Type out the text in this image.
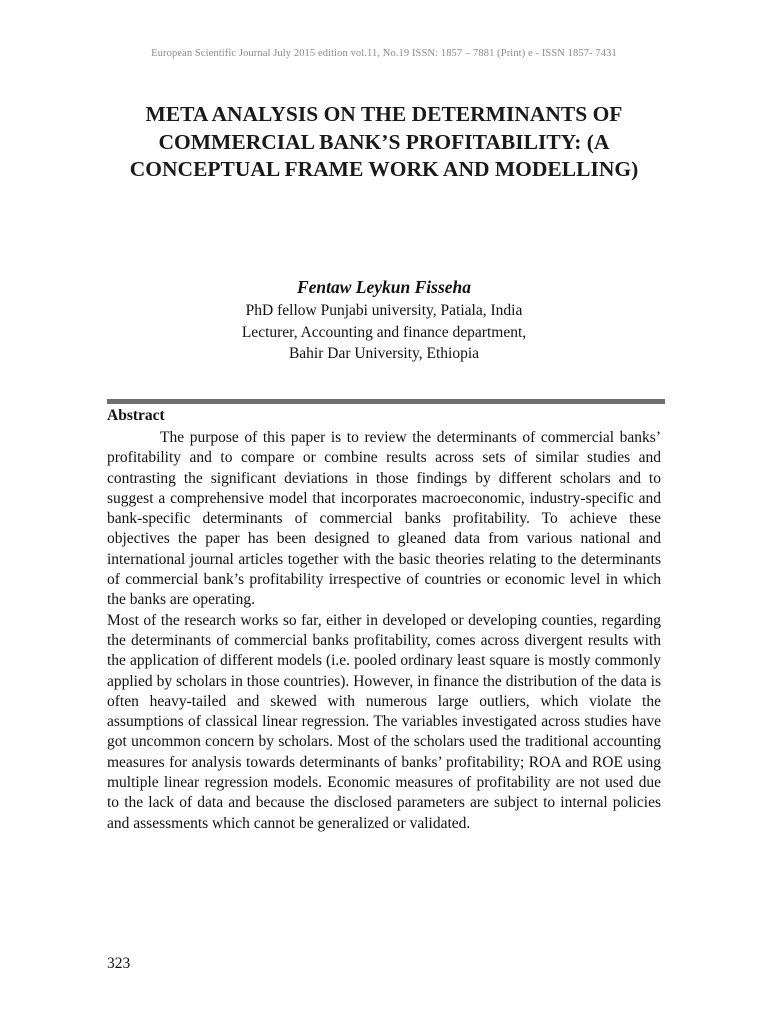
European Scientific Journal July 2015 edition vol.11, No.19 ISSN: 1857 – 7881 (Print) e - ISSN 1857- 7431
META ANALYSIS ON THE DETERMINANTS OF COMMERCIAL BANK’S PROFITABILITY: (A CONCEPTUAL FRAME WORK AND MODELLING)
Fentaw Leykun Fisseha
PhD fellow Punjabi university, Patiala, India
Lecturer, Accounting and finance department,
Bahir Dar University, Ethiopia
Abstract

The purpose of this paper is to review the determinants of commercial banks’ profitability and to compare or combine results across sets of similar studies and contrasting the significant deviations in those findings by different scholars and to suggest a comprehensive model that incorporates macroeconomic, industry-specific and bank-specific determinants of commercial banks profitability. To achieve these objectives the paper has been designed to gleaned data from various national and international journal articles together with the basic theories relating to the determinants of commercial bank’s profitability irrespective of countries or economic level in which the banks are operating.

Most of the research works so far, either in developed or developing counties, regarding the determinants of commercial banks profitability, comes across divergent results with the application of different models (i.e. pooled ordinary least square is mostly commonly applied by scholars in those countries). However, in finance the distribution of the data is often heavy-tailed and skewed with numerous large outliers, which violate the assumptions of classical linear regression. The variables investigated across studies have got uncommon concern by scholars. Most of the scholars used the traditional accounting measures for analysis towards determinants of banks’ profitability; ROA and ROE using multiple linear regression models. Economic measures of profitability are not used due to the lack of data and because the disclosed parameters are subject to internal policies and assessments which cannot be generalized or validated.

323
